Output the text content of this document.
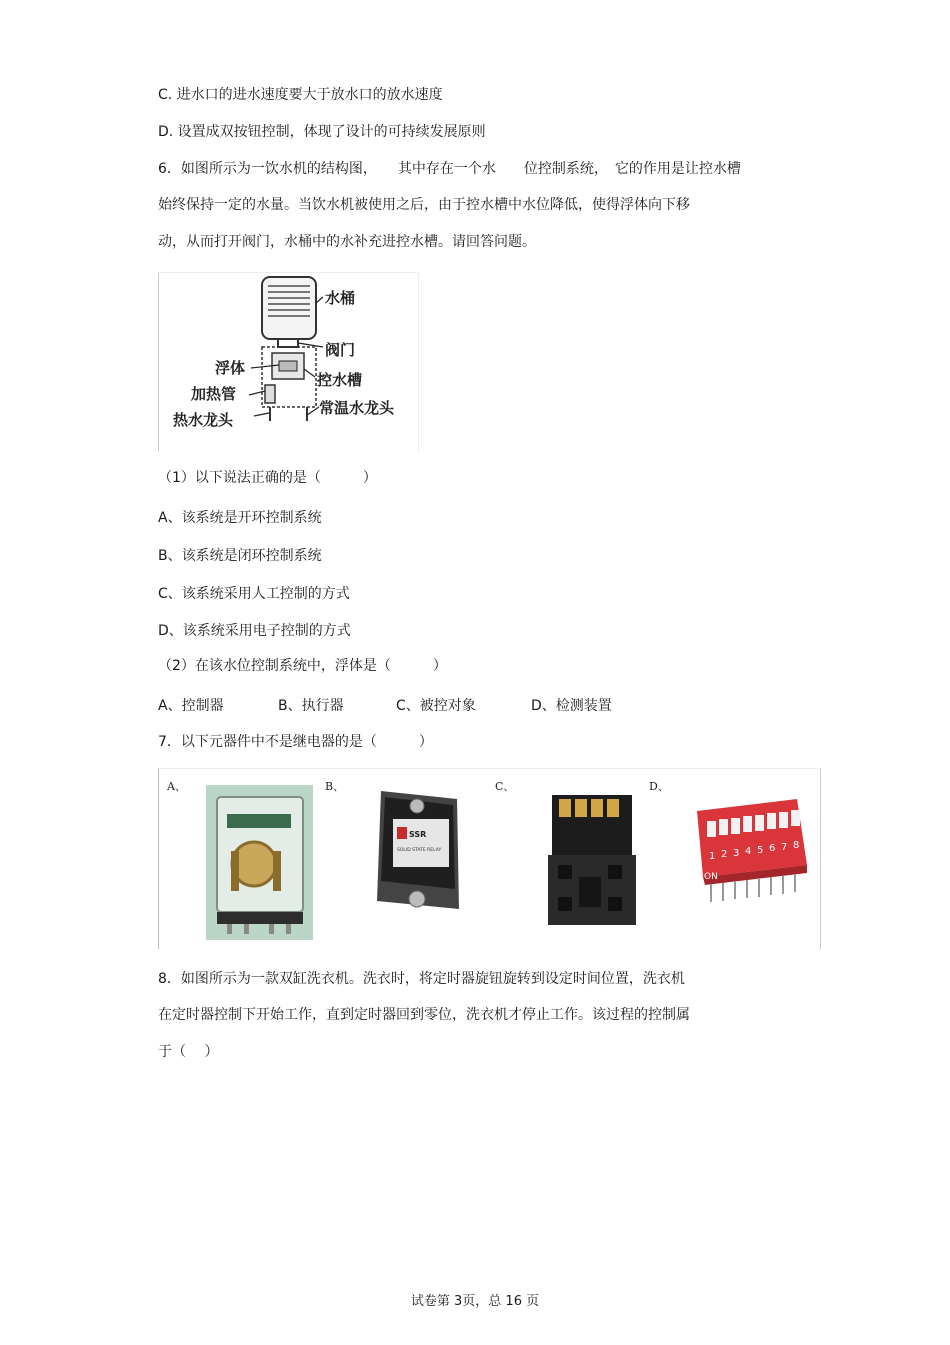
C. 进水口的进水速度要大于放水口的放水速度
D. 设置成双按钮控制，体现了设计的可持续发展原则
6．如图所示为一饮水机的结构图，　　其中存在一个水　　位控制系统，　它的作用是让控水槽
始终保持一定的水量。当饮水机被使用之后，由于控水槽中水位降低，使得浮体向下移
动，从而打开阀门，水桶中的水补充进控水槽。请回答问题。
水桶
阀门
浮体
控水槽
加热管
常温水龙头
热水龙头
（1）以下说法正确的是（　　　）
A、该系统是开环控制系统
B、该系统是闭环控制系统
C、该系统采用人工控制的方式
D、该系统采用电子控制的方式
（2）在该水位控制系统中，浮体是（　　　）
A、控制器	B、执行器	C、被控对象	D、检测装置
7．以下元器件中不是继电器的是（　　　）
A、	B、	C、	D、
SSR
SOLID STATE RELAY
1 2 3 4 5 6 7 8
ON
8．如图所示为一款双缸洗衣机。洗衣时，将定时器旋钮旋转到设定时间位置，洗衣机
在定时器控制下开始工作，直到定时器回到零位，洗衣机才停止工作。该过程的控制属
于（　 ）
试卷第 3页，总 16 页
